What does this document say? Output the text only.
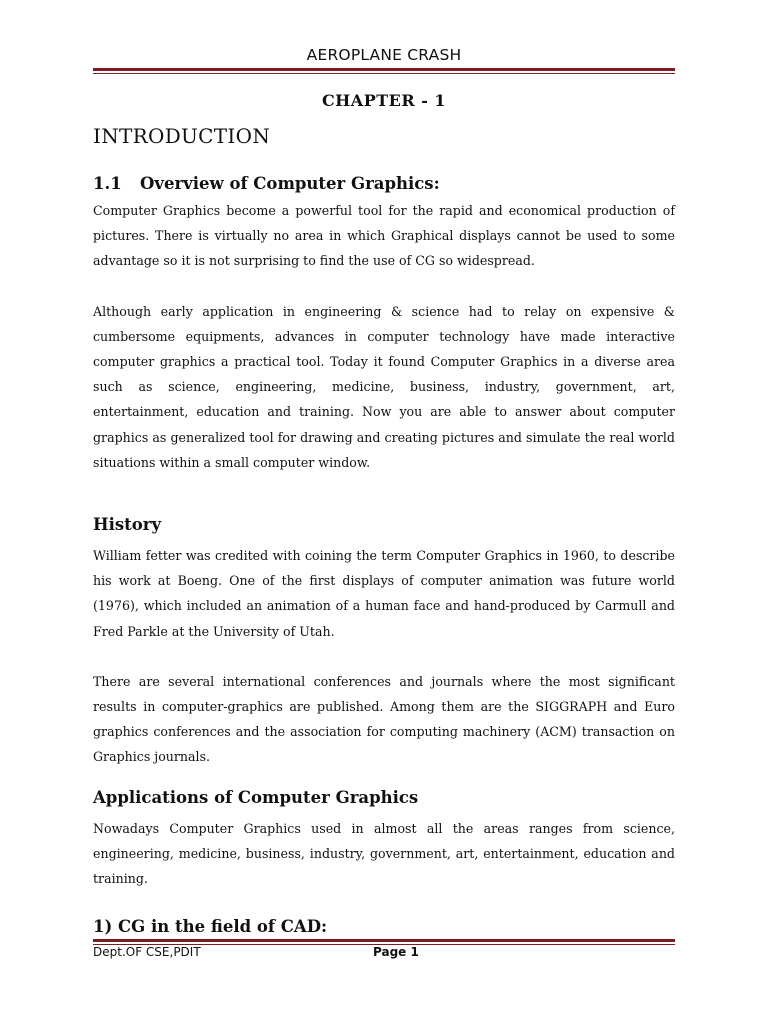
AEROPLANE CRASH
CHAPTER - 1
INTRODUCTION
1.1 Overview of Computer Graphics:

Computer Graphics become a powerful tool for the rapid and economical production of pictures. There is virtually no area in which Graphical displays cannot be used to some advantage so it is not surprising to find the use of CG so widespread.

Although early application in engineering & science had to relay on expensive & cumbersome equipments, advances in computer technology have made interactive computer graphics a practical tool. Today it found Computer Graphics in a diverse area such as science, engineering, medicine, business, industry, government, art, entertainment, education and training. Now you are able to answer about computer graphics as generalized tool for drawing and creating pictures and simulate the real world situations within a small computer window.

History

William fetter was credited with coining the term Computer Graphics in 1960, to describe his work at Boeng. One of the first displays of computer animation was future world (1976), which included an animation of a human face and hand-produced by Carmull and Fred Parkle at the University of Utah.

There are several international conferences and journals where the most significant results in computer-graphics are published. Among them are the SIGGRAPH and Euro graphics conferences and the association for computing machinery (ACM) transaction on Graphics journals.

Applications of Computer Graphics

Nowadays Computer Graphics used in almost all the areas ranges from science, engineering, medicine, business, industry, government, art, entertainment, education and training.

1) CG in the field of CAD:
Dept.OF CSE,PDIT	Page 1
